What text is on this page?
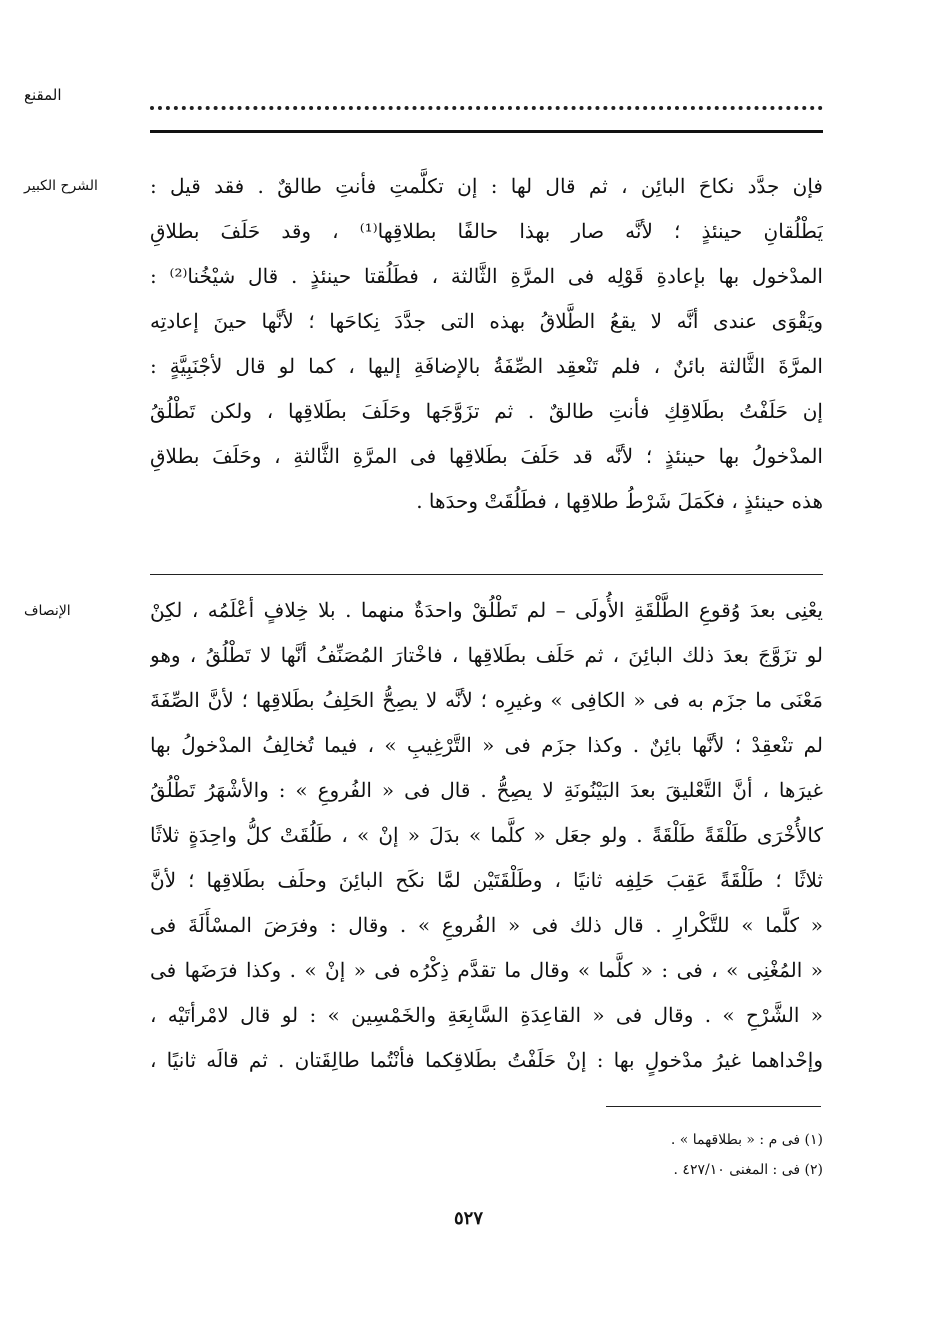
المقنع
الشرح الكبير	فإن جدَّد نكاحَ البائِن ، ثم قال لها : إن تكلَّمتِ فأنتِ طالقٌ . فقد قيل :
يَطْلُقانِ حينئذٍ ؛ لأنَّه صار بهذا حالفًا بطلاقِها⁽¹⁾ ، وقد حَلَفَ بطلاقِ
المدْخول بها بإعادةِ قَوْلِه فى المرَّةِ الثَّالثة ، فطَلُقتا حينئذٍ . قال شيْخُنا⁽²⁾ :
ويَقْوَى عندى أنَّه لا يقعُ الطَّلاقُ بهذه التى جدَّدَ نِكاحَها ؛ لأنَّها حينَ إعادتِه
المرَّةَ الثَّالثة بائنٌ ، فلم تَنْعقِد الصِّفَةُ بالإضافَةِ إليها ، كما لو قال لأجْنَبِيَّةٍ :
إن حَلَفْتُ بطَلاقِكِ فأنتِ طالقٌ . ثم تزَوَّجَها وحَلَفَ بطَلاقِها ، ولكن تَطْلُقُ
المدْخولُ بها حينئذٍ ؛ لأنَّه قد حَلَفَ بطَلاقِها فى المرَّةِ الثَّالثةِ ، وحَلَفَ بطلاقِ
هذه حينئذٍ ، فكَمَلَ شَرْطُ طلاقِها ، فطَلُقَتْ وحدَها .
الإنصاف	يعْنِى بعدَ وُقوعِ الطَّلْقَةِ الأُولَى – لم تَطْلُقْ واحدَةٌ منهما . بلا خِلافٍ أعْلَمُه ، لكِنْ
لو تزَوَّجَ بعدَ ذلك البائِنَ ، ثم حَلَف بطَلاقِها ، فاخْتارَ المُصَنِّفُ أنَّها لا تَطْلُقُ ، وهو
مَعْنَى ما جزَم به فى « الكافِى » وغيرِه ؛ لأنَّه لا يصِحُّ الحَلِفُ بطَلاقِها ؛ لأنَّ الصِّفَةَ
لم تنْعقِدْ ؛ لأنَّها بائِنٌ . وكذا جزَم فى « التَّرْغِيبِ » ، فيما تُخالِفُ المدْخولُ بها
غيرَها ، أنَّ التَّعْليقَ بعدَ البَيْنُونَةِ لا يصِحُّ . قال فى « الفُروعِ » : والأشْهَرُ تَطْلُقُ
كالأُخْرَى طَلْقَةً طَلْقَةً . ولو جعَل « كلَّما » بدَلَ « إنْ » ، طَلُقَتْ كلُّ واحِدَةٍ ثلاثًا
ثلاثًا ؛ طَلْقَةً عَقِبَ حَلِفِه ثانيًا ، وطَلْقَتَيْن لمَّا نكَح البائِنَ وحلَف بطَلاقِها ؛ لأنَّ
« كلَّما » للتَّكْرارِ . قال ذلك فى « الفُروعِ » . وقال : وفرَضَ المسْأَلَةَ فى
« المُغْنِى » ، فى : « كلَّما » وقال ما تقدَّم ذِكْرُه فى « إنْ » . وكذا فرَضَها فى
« الشَّرْحِ » . وقال فى « القاعِدَةِ السَّابِعَةِ والخَمْسِين » : لو قال لامْرأتَيْه ،
وإحْداهما غيرُ مدْخولٍ بها : إنْ حَلَفْتُ بطَلاقِكما فأنْتُما طالِقَتان . ثم قالَه ثانيًا ،
(١) فى م : « بطلاقهما » .
(٢) فى : المغنى ٤٢٧/١٠ .
٥٢٧
